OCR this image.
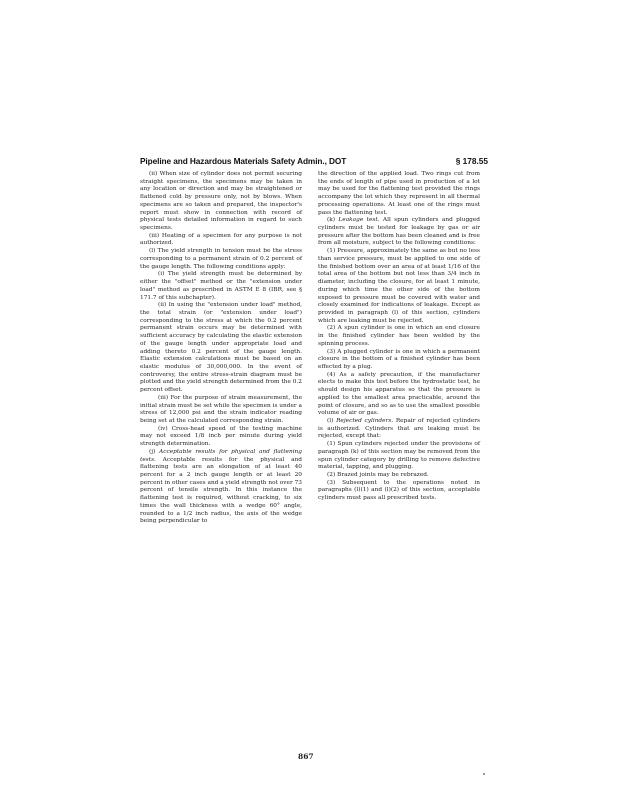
Pipeline and Hazardous Materials Safety Admin., DOT	§ 178.55

(ii) When size of cylinder does not permit securing straight specimens, the specimens may be taken in any location or direction and may be straightened or flattened cold by pressure only, not by blows. When specimens are so taken and prepared, the inspector's report must show in connection with record of physical tests detailed information in regard to such specimens.

(iii) Heating of a specimen for any purpose is not authorized.

(l) The yield strength in tension must be the stress corresponding to a permanent strain of 0.2 percent of the gauge length. The following conditions apply:

(i) The yield strength must be determined by either the "offset" method or the "extension under load" method as prescribed in ASTM E 8 (IBR, see § 171.7 of this subchapter).

(ii) In using the "extension under load" method, the total strain (or "extension under load") corresponding to the stress at which the 0.2 percent permanent strain occurs may be determined with sufficient accuracy by calculating the elastic extension of the gauge length under appropriate load and adding thereto 0.2 percent of the gauge length. Elastic extension calculations must be based on an elastic modulus of 30,000,000. In the event of controversy, the entire stress-strain diagram must be plotted and the yield strength determined from the 0.2 percent offset.

(iii) For the purpose of strain measurement, the initial strain must be set while the specimen is under a stress of 12,000 psi and the strain indicator reading being set at the calculated corresponding strain.

(iv) Cross-head speed of the testing machine may not exceed 1/8 inch per minute during yield strength determination.

(j) Acceptable results for physical and flattening tests. Acceptable results for the physical and flattening tests are an elongation of at least 40 percent for a 2 inch gauge length or at least 20 percent in other cases and a yield strength not over 73 percent of tensile strength. In this instance the flattening test is required, without cracking, to six times the wall thickness with a wedge 60° angle, rounded to a 1/2 inch radius, the axis of the wedge being perpendicular to

the direction of the applied load. Two rings cut from the ends of length of pipe used in production of a lot may be used for the flattening test provided the rings accompany the lot which they represent in all thermal processing operations. At least one of the rings must pass the flattening test.

(k) Leakage test. All spun cylinders and plugged cylinders must be tested for leakage by gas or air pressure after the bottom has been cleaned and is free from all moisture, subject to the following conditions:

(1) Pressure, approximately the same as but no less than service pressure, must be applied to one side of the finished bottom over an area of at least 1/16 of the total area of the bottom but not less than 3/4 inch in diameter, including the closure, for at least 1 minute, during which time the other side of the bottom exposed to pressure must be covered with water and closely examined for indications of leakage. Except as provided in paragraph (l) of this section, cylinders which are leaking must be rejected.

(2) A spun cylinder is one in which an end closure in the finished cylinder has been welded by the spinning process.

(3) A plugged cylinder is one in which a permanent closure in the bottom of a finished cylinder has been effected by a plug.

(4) As a safety precaution, if the manufacturer elects to make this test before the hydrostatic test, he should design his apparatus so that the pressure is applied to the smallest area practicable, around the point of closure, and so as to use the smallest possible volume of air or gas.

(l) Rejected cylinders. Repair of rejected cylinders is authorized. Cylinders that are leaking must be rejected, except that:

(1) Spun cylinders rejected under the provisions of paragraph (k) of this section may be removed from the spun cylinder category by drilling to remove defective material, tapping, and plugging.

(2) Brazed joints may be rebrazed.

(3) Subsequent to the operations noted in paragraphs (l)(1) and (l)(2) of this section, acceptable cylinders must pass all prescribed tests.

867
